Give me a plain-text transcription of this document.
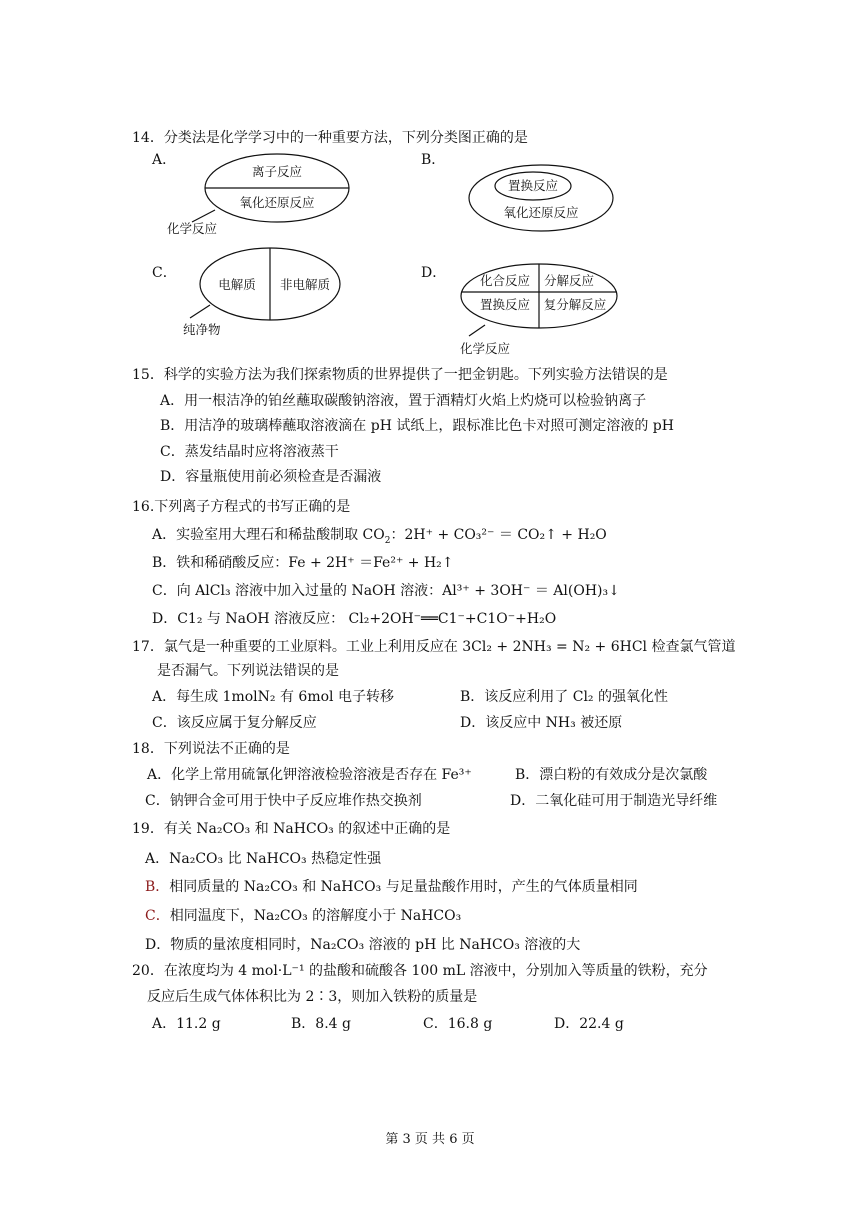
14．分类法是化学学习中的一种重要方法，下列分类图正确的是
A．	B．
C．	D．
离子反应
氧化还原反应
化学反应
置换反应
氧化还原反应
电解质 非电解质
纯净物
化合反应 分解反应
置换反应 复分解反应
化学反应
15．科学的实验方法为我们探索物质的世界提供了一把金钥匙。下列实验方法错误的是
A．用一根洁净的铂丝蘸取碳酸钠溶液，置于酒精灯火焰上灼烧可以检验钠离子
B．用洁净的玻璃棒蘸取溶液滴在 pH 试纸上，跟标准比色卡对照可测定溶液的 pH
C．蒸发结晶时应将溶液蒸干
D．容量瓶使用前必须检查是否漏液
16.下列离子方程式的书写正确的是
A．实验室用大理石和稀盐酸制取 $CO_2$：2H⁺ + CO₃²⁻ ＝ CO₂↑ + H₂O
B．铁和稀硝酸反应：Fe + 2H⁺ ＝Fe²⁺ + H₂↑
C．向 AlCl₃ 溶液中加入过量的 NaOH 溶液：Al³⁺ + 3OH⁻ ＝ Al(OH)₃↓
D．C1₂ 与 NaOH 溶液反应： Cl₂+2OH⁻══C1⁻+C1O⁻+H₂O
17．氯气是一种重要的工业原料。工业上利用反应在 3Cl₂ + 2NH₃ = N₂ + 6HCl 检查氯气管道
是否漏气。下列说法错误的是
A．每生成 1molN₂ 有 6mol 电子转移	B．该反应利用了 Cl₂ 的强氧化性
C．该反应属于复分解反应	D．该反应中 NH₃ 被还原
18．下列说法不正确的是
A．化学上常用硫氰化钾溶液检验溶液是否存在 Fe³⁺	B．漂白粉的有效成分是次氯酸
C．钠钾合金可用于快中子反应堆作热交换剂	D．二氧化硅可用于制造光导纤维
19．有关 Na₂CO₃ 和 NaHCO₃ 的叙述中正确的是
A．Na₂CO₃ 比 NaHCO₃ 热稳定性强
B．相同质量的 Na₂CO₃ 和 NaHCO₃ 与足量盐酸作用时，产生的气体质量相同
C．相同温度下，Na₂CO₃ 的溶解度小于 NaHCO₃
D．物质的量浓度相同时，Na₂CO₃ 溶液的 pH 比 NaHCO₃ 溶液的大
20．在浓度均为 4 mol·L⁻¹ 的盐酸和硫酸各 100 mL 溶液中，分别加入等质量的铁粉，充分
反应后生成气体体积比为 2∶3，则加入铁粉的质量是
A．11.2 g	B．8.4 g	C．16.8 g	D．22.4 g
第 3 页 共 6 页
